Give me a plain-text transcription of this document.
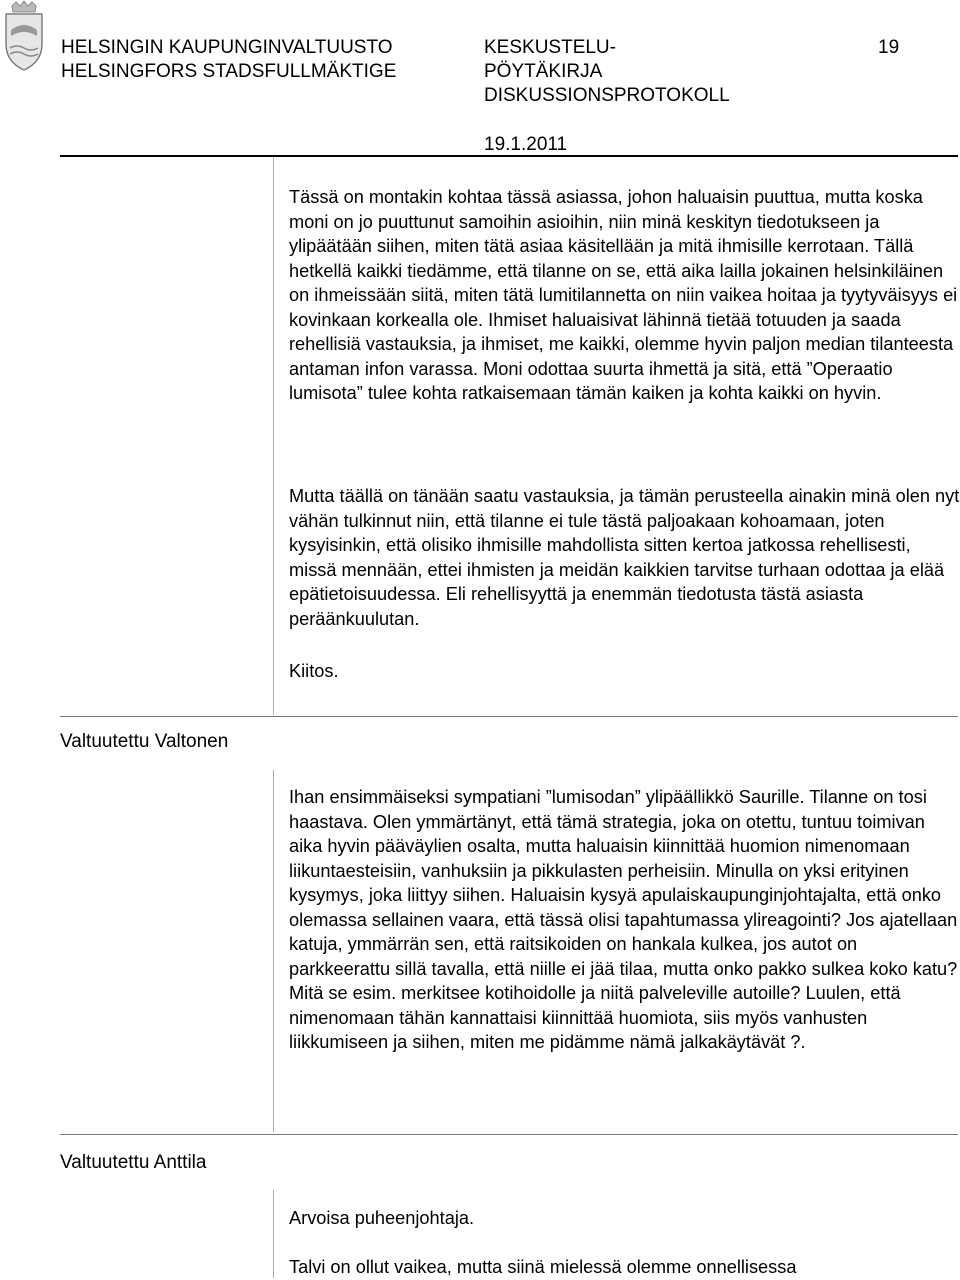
HELSINGIN KAUPUNGINVALTUUSTO
HELSINGFORS STADSFULLMÄKTIGE
KESKUSTELU-
PÖYTÄKIRJA
DISKUSSIONSPROTOKOLL
19
19.1.2011

Tässä on montakin kohtaa tässä asiassa, johon haluaisin puuttua, mutta koska moni on jo puuttunut samoihin asioihin, niin minä keskityn tiedotukseen ja ylipäätään siihen, miten tätä asiaa käsitellään ja mitä ihmisille kerrotaan. Tällä hetkellä kaikki tiedämme, että tilanne on se, että aika lailla jokainen helsinkiläinen on ihmeissään siitä, miten tätä lumitilannetta on niin vaikea hoitaa ja tyytyväisyys ei kovinkaan korkealla ole. Ihmiset haluaisivat lähinnä tietää totuuden ja saada rehellisiä vastauksia, ja ihmiset, me kaikki, olemme hyvin paljon median tilanteesta antaman infon varassa. Moni odottaa suurta ihmettä ja sitä, että ”Operaatio lumisota” tulee kohta ratkaisemaan tämän kaiken ja kohta kaikki on hyvin.

Mutta täällä on tänään saatu vastauksia, ja tämän perusteella ainakin minä olen nyt vähän tulkinnut niin, että tilanne ei tule tästä paljoakaan kohoamaan, joten kysyisinkin, että olisiko ihmisille mahdollista sitten kertoa jatkossa rehellisesti, missä mennään, ettei ihmisten ja meidän kaikkien tarvitse turhaan odottaa ja elää epätietoisuudessa. Eli rehellisyyttä ja enemmän tiedotusta tästä asiasta peräänkuulutan.

Kiitos.

Valtuutettu Valtonen

Ihan ensimmäiseksi sympatiani ”lumisodan” ylipäällikkö Saurille. Tilanne on tosi haastava. Olen ymmärtänyt, että tämä strategia, joka on otettu, tuntuu toimivan aika hyvin pääväylien osalta, mutta haluaisin kiinnittää huomion nimenomaan liikuntaesteisiin, vanhuksiin ja pikkulasten perheisiin. Minulla on yksi erityinen kysymys, joka liittyy siihen. Haluaisin kysyä apulaiskaupunginjohtajalta, että onko olemassa sellainen vaara, että tässä olisi tapahtumassa ylireagointi? Jos ajatellaan katuja, ymmärrän sen, että raitsikoiden on hankala kulkea, jos autot on parkkeerattu sillä tavalla, että niille ei jää tilaa, mutta onko pakko sulkea koko katu? Mitä se esim. merkitsee kotihoidolle ja niitä palveleville autoille? Luulen, että nimenomaan tähän kannattaisi kiinnittää huomiota, siis myös vanhusten liikkumiseen ja siihen, miten me pidämme nämä jalkakäytävät ?.

Valtuutettu Anttila

Arvoisa puheenjohtaja.

Talvi on ollut vaikea, mutta siinä mielessä olemme onnellisessa
